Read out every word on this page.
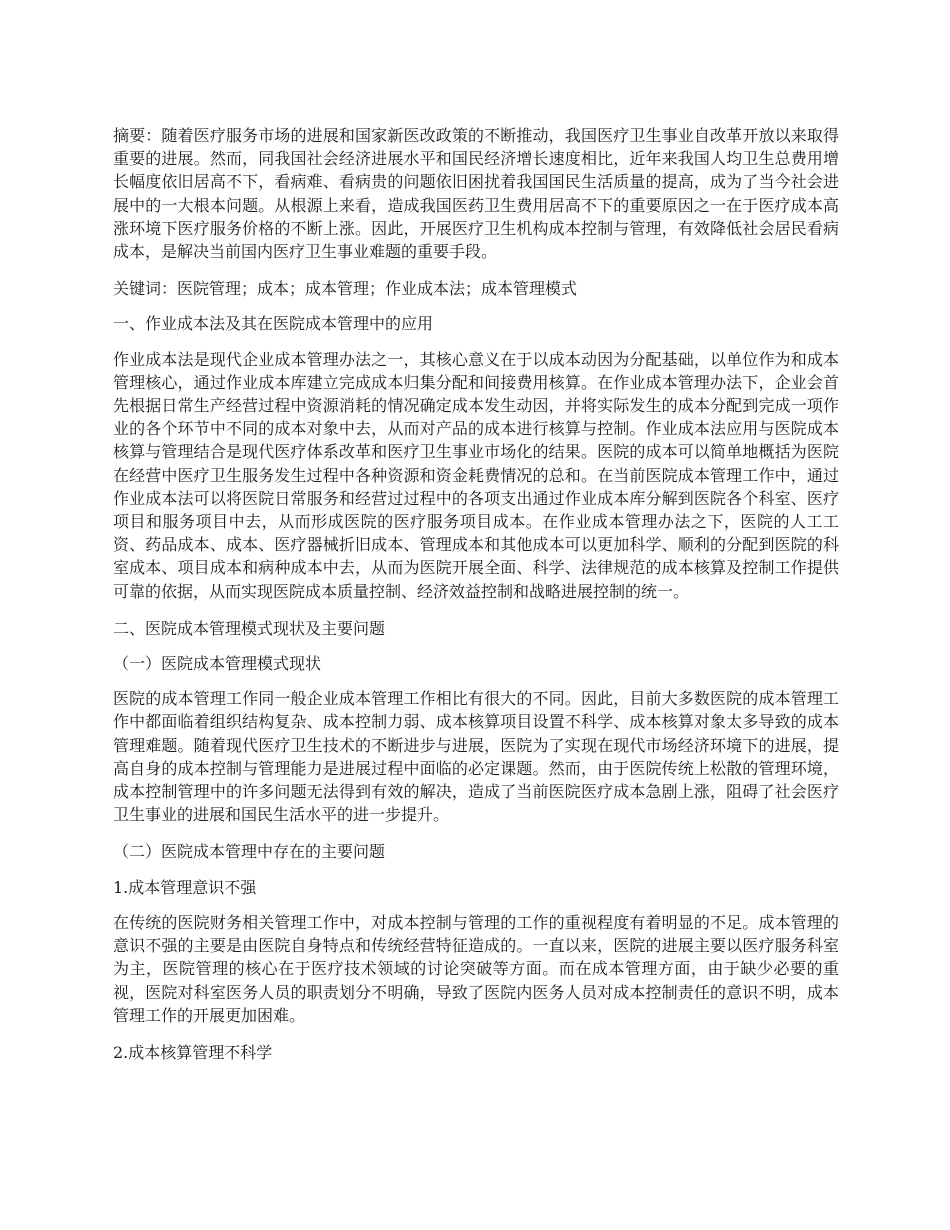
摘要：随着医疗服务市场的进展和国家新医改政策的不断推动，我国医疗卫生事业自改革开放以来取得重要的进展。然而，同我国社会经济进展水平和国民经济增长速度相比，近年来我国人均卫生总费用增长幅度依旧居高不下，看病难、看病贵的问题依旧困扰着我国国民生活质量的提高，成为了当今社会进展中的一大根本问题。从根源上来看，造成我国医药卫生费用居高不下的重要原因之一在于医疗成本高涨环境下医疗服务价格的不断上涨。因此，开展医疗卫生机构成本控制与管理，有效降低社会居民看病成本，是解决当前国内医疗卫生事业难题的重要手段。

关键词：医院管理；成本；成本管理；作业成本法；成本管理模式

一、作业成本法及其在医院成本管理中的应用

作业成本法是现代企业成本管理办法之一，其核心意义在于以成本动因为分配基础，以单位作为和成本管理核心，通过作业成本库建立完成成本归集分配和间接费用核算。在作业成本管理办法下，企业会首先根据日常生产经营过程中资源消耗的情况确定成本发生动因，并将实际发生的成本分配到完成一项作业的各个环节中不同的成本对象中去，从而对产品的成本进行核算与控制。作业成本法应用与医院成本核算与管理结合是现代医疗体系改革和医疗卫生事业市场化的结果。医院的成本可以简单地概括为医院在经营中医疗卫生服务发生过程中各种资源和资金耗费情况的总和。在当前医院成本管理工作中，通过作业成本法可以将医院日常服务和经营过过程中的各项支出通过作业成本库分解到医院各个科室、医疗项目和服务项目中去，从而形成医院的医疗服务项目成本。在作业成本管理办法之下，医院的人工工资、药品成本、成本、医疗器械折旧成本、管理成本和其他成本可以更加科学、顺利的分配到医院的科室成本、项目成本和病种成本中去，从而为医院开展全面、科学、法律规范的成本核算及控制工作提供可靠的依据，从而实现医院成本质量控制、经济效益控制和战略进展控制的统一。

二、医院成本管理模式现状及主要问题

（一）医院成本管理模式现状

医院的成本管理工作同一般企业成本管理工作相比有很大的不同。因此，目前大多数医院的成本管理工作中都面临着组织结构复杂、成本控制力弱、成本核算项目设置不科学、成本核算对象太多导致的成本管理难题。随着现代医疗卫生技术的不断进步与进展，医院为了实现在现代市场经济环境下的进展，提高自身的成本控制与管理能力是进展过程中面临的必定课题。然而，由于医院传统上松散的管理环境，成本控制管理中的许多问题无法得到有效的解决，造成了当前医院医疗成本急剧上涨，阻碍了社会医疗卫生事业的进展和国民生活水平的进一步提升。

（二）医院成本管理中存在的主要问题

1.成本管理意识不强

在传统的医院财务相关管理工作中，对成本控制与管理的工作的重视程度有着明显的不足。成本管理的意识不强的主要是由医院自身特点和传统经营特征造成的。一直以来，医院的进展主要以医疗服务科室为主，医院管理的核心在于医疗技术领域的讨论突破等方面。而在成本管理方面，由于缺少必要的重视，医院对科室医务人员的职责划分不明确，导致了医院内医务人员对成本控制责任的意识不明，成本管理工作的开展更加困难。

2.成本核算管理不科学
